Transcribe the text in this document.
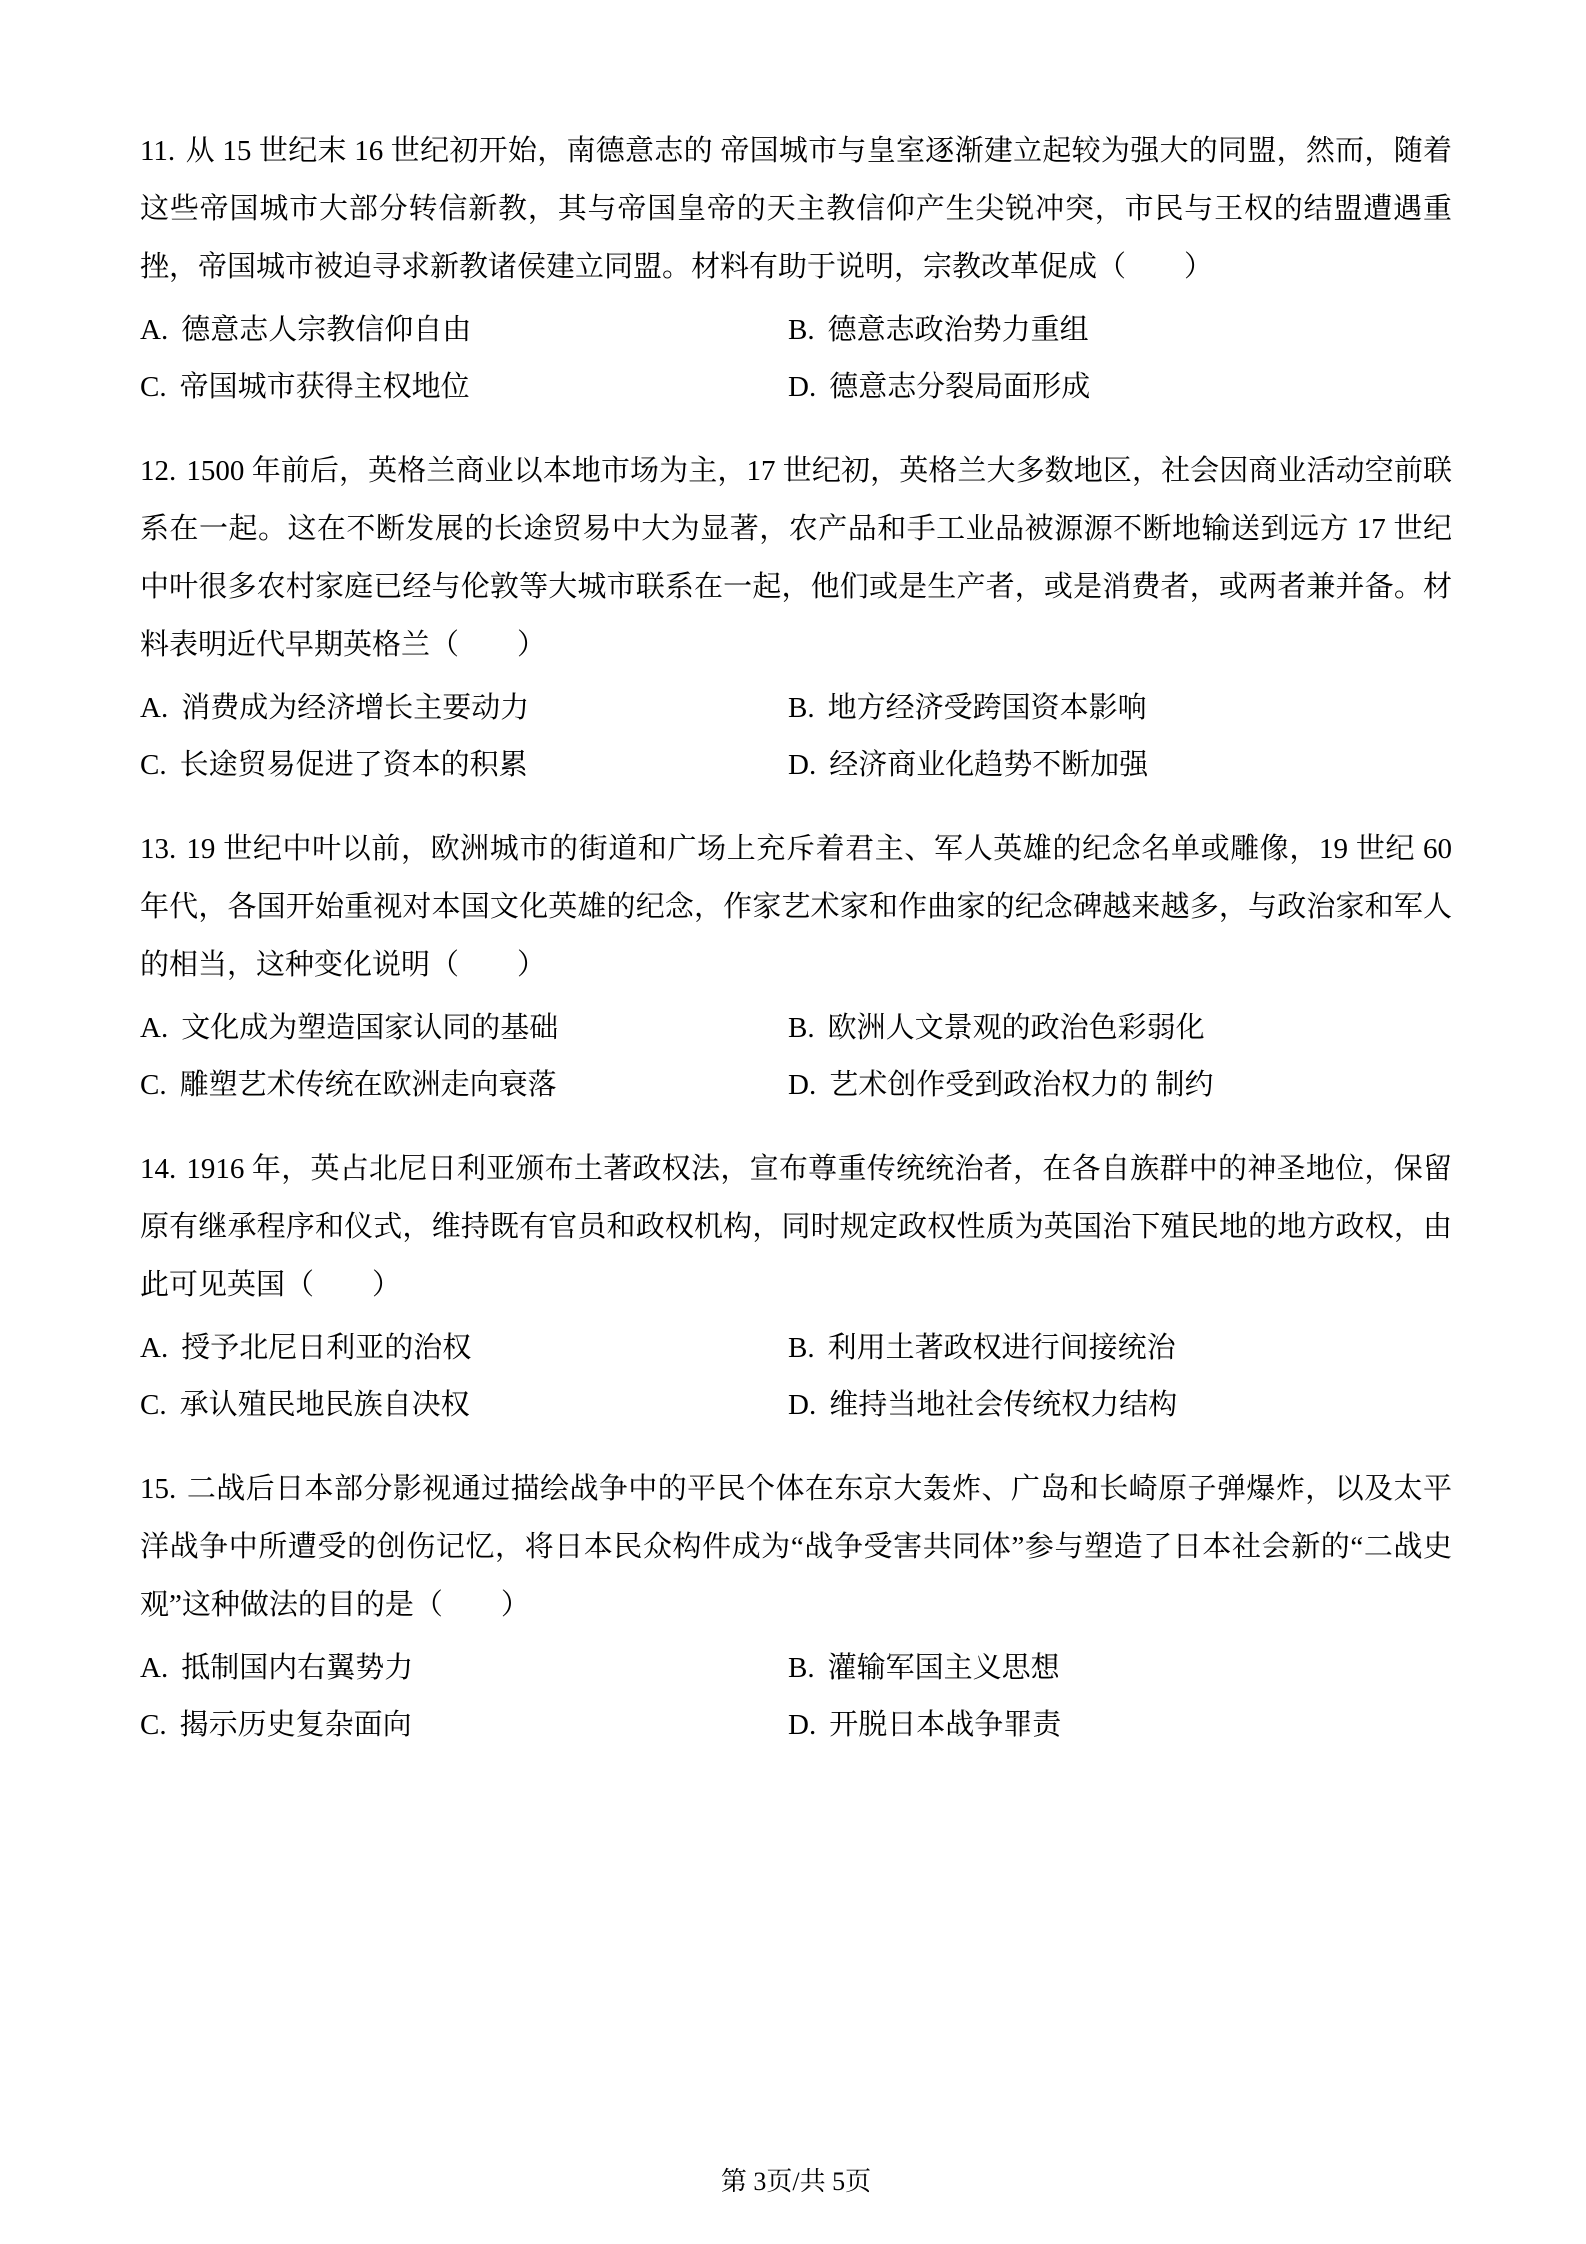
11. 从 15 世纪末 16 世纪初开始，南德意志的 帝国城市与皇室逐渐建立起较为强大的同盟，然而，随着这些帝国城市大部分转信新教，其与帝国皇帝的天主教信仰产生尖锐冲突，市民与王权的结盟遭遇重挫，帝国城市被迫寻求新教诸侯建立同盟。材料有助于说明，宗教改革促成（　　）

A. 德意志人宗教信仰自由	B. 德意志政治势力重组

C. 帝国城市获得主权地位	D. 德意志分裂局面形成

12. 1500 年前后，英格兰商业以本地市场为主，17 世纪初，英格兰大多数地区，社会因商业活动空前联系在一起。这在不断发展的长途贸易中大为显著，农产品和手工业品被源源不断地输送到远方 17 世纪中叶很多农村家庭已经与伦敦等大城市联系在一起，他们或是生产者，或是消费者，或两者兼并备。材料表明近代早期英格兰（　　）

A. 消费成为经济增长主要动力	B. 地方经济受跨国资本影响

C. 长途贸易促进了资本的积累	D. 经济商业化趋势不断加强

13. 19 世纪中叶以前，欧洲城市的街道和广场上充斥着君主、军人英雄的纪念名单或雕像，19 世纪 60 年代，各国开始重视对本国文化英雄的纪念，作家艺术家和作曲家的纪念碑越来越多，与政治家和军人的相当，这种变化说明（　　）

A. 文化成为塑造国家认同的基础	B. 欧洲人文景观的政治色彩弱化

C. 雕塑艺术传统在欧洲走向衰落	D. 艺术创作受到政治权力的 制约

14. 1916 年，英占北尼日利亚颁布土著政权法，宣布尊重传统统治者，在各自族群中的神圣地位，保留原有继承程序和仪式，维持既有官员和政权机构，同时规定政权性质为英国治下殖民地的地方政权，由此可见英国（　　）

A. 授予北尼日利亚的治权	B. 利用土著政权进行间接统治

C. 承认殖民地民族自决权	D. 维持当地社会传统权力结构

15. 二战后日本部分影视通过描绘战争中的平民个体在东京大轰炸、广岛和长崎原子弹爆炸，以及太平洋战争中所遭受的创伤记忆，将日本民众构件成为“战争受害共同体”参与塑造了日本社会新的“二战史观”这种做法的目的是（　　）

A. 抵制国内右翼势力	B. 灌输军国主义思想

C. 揭示历史复杂面向	D. 开脱日本战争罪责

第 3页/共 5页
